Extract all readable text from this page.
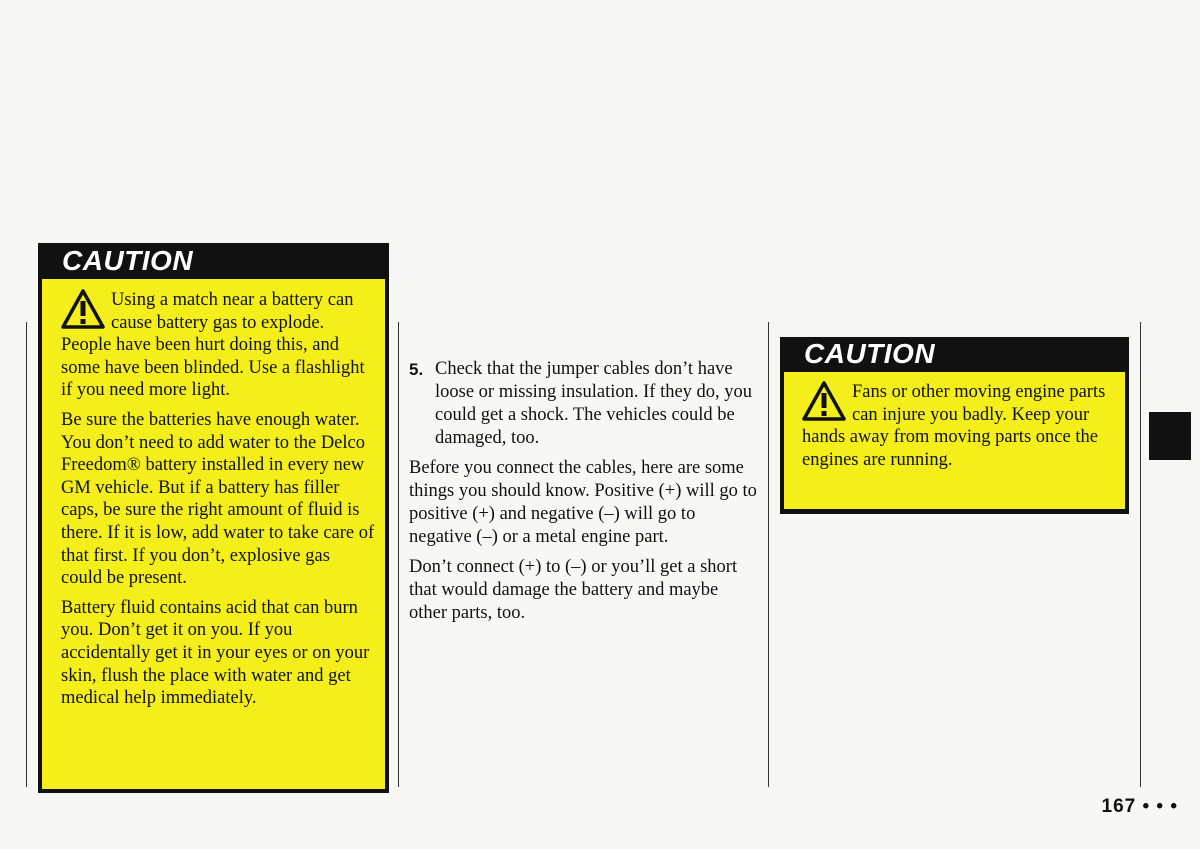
CAUTION

Using a match near a battery can cause battery gas to explode. People have been hurt doing this, and some have been blinded. Use a flashlight if you need more light.

Be sure the batteries have enough water. You don’t need to add water to the Delco Freedom® battery installed in every new GM vehicle. But if a battery has filler caps, be sure the right amount of fluid is there. If it is low, add water to take care of that first. If you don’t, explosive gas could be present.

Battery fluid contains acid that can burn you. Don’t get it on you. If you accidentally get it in your eyes or on your skin, flush the place with water and get medical help immediately.

5. Check that the jumper cables don’t have loose or missing insulation. If they do, you could get a shock. The vehicles could be damaged, too.

Before you connect the cables, here are some things you should know. Positive (+) will go to positive (+) and negative (–) will go to negative (–) or a metal engine part.

Don’t connect (+) to (–) or you’ll get a short that would damage the battery and maybe other parts, too.

CAUTION

Fans or other moving engine parts can injure you badly. Keep your hands away from moving parts once the engines are running.

167 • • •
